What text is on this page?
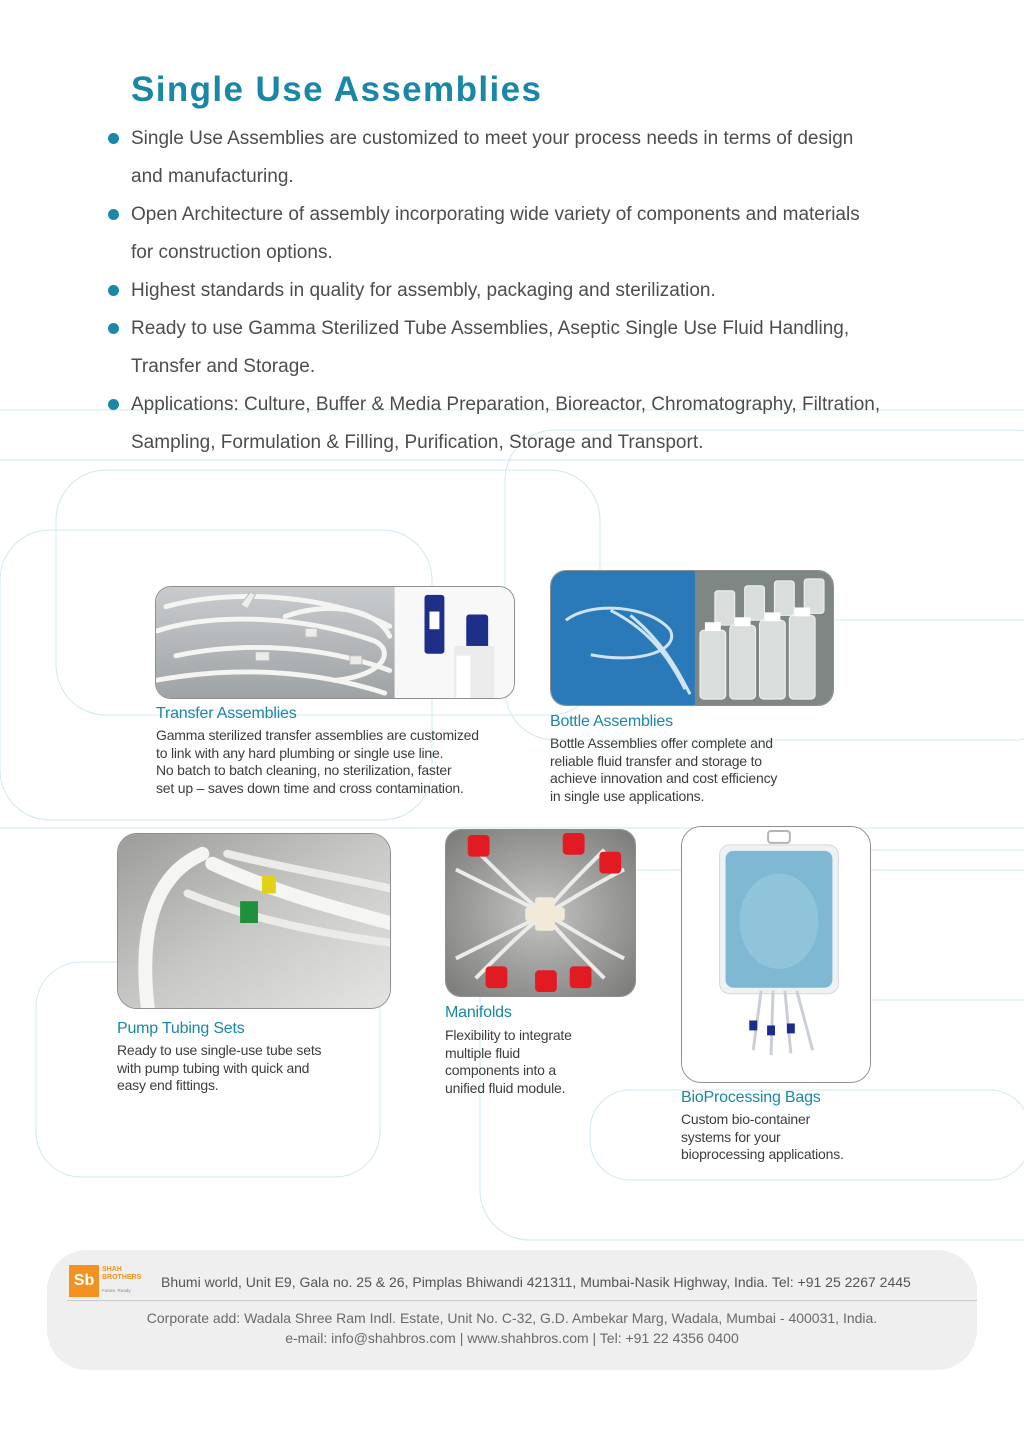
Single Use Assemblies
Single Use Assemblies are customized to meet your process needs in terms of design
and manufacturing.
Open Architecture of assembly incorporating wide variety of components and materials
for construction options.
Highest standards in quality for assembly, packaging and sterilization.
Ready to use Gamma Sterilized Tube Assemblies, Aseptic Single Use Fluid Handling,
Transfer and Storage.
Applications: Culture, Buffer & Media Preparation, Bioreactor, Chromatography, Filtration,
Sampling, Formulation & Filling, Purification, Storage and Transport.
Transfer Assemblies
Gamma sterilized transfer assemblies are customized
to link with any hard plumbing or single use line.
No batch to batch cleaning, no sterilization, faster
set up – saves down time and cross contamination.
Bottle Assemblies
Bottle Assemblies offer complete and
reliable fluid transfer and storage to
achieve innovation and cost efficiency
in single use applications.
Pump Tubing Sets
Ready to use single-use tube sets
with pump tubing with quick and
easy end fittings.
Manifolds
Flexibility to integrate
multiple fluid
components into a
unified fluid module.
BioProcessing Bags
Custom bio-container
systems for your
bioprocessing applications.
Sb
SHAH
BROTHERS
Future. Ready.
Bhumi world, Unit E9, Gala no. 25 & 26, Pimplas Bhiwandi 421311, Mumbai-Nasik Highway, India. Tel: +91 25 2267 2445
Corporate add: Wadala Shree Ram Indl. Estate, Unit No. C-32, G.D. Ambekar Marg, Wadala, Mumbai - 400031, India.
e-mail: info@shahbros.com | www.shahbros.com | Tel: +91 22 4356 0400
